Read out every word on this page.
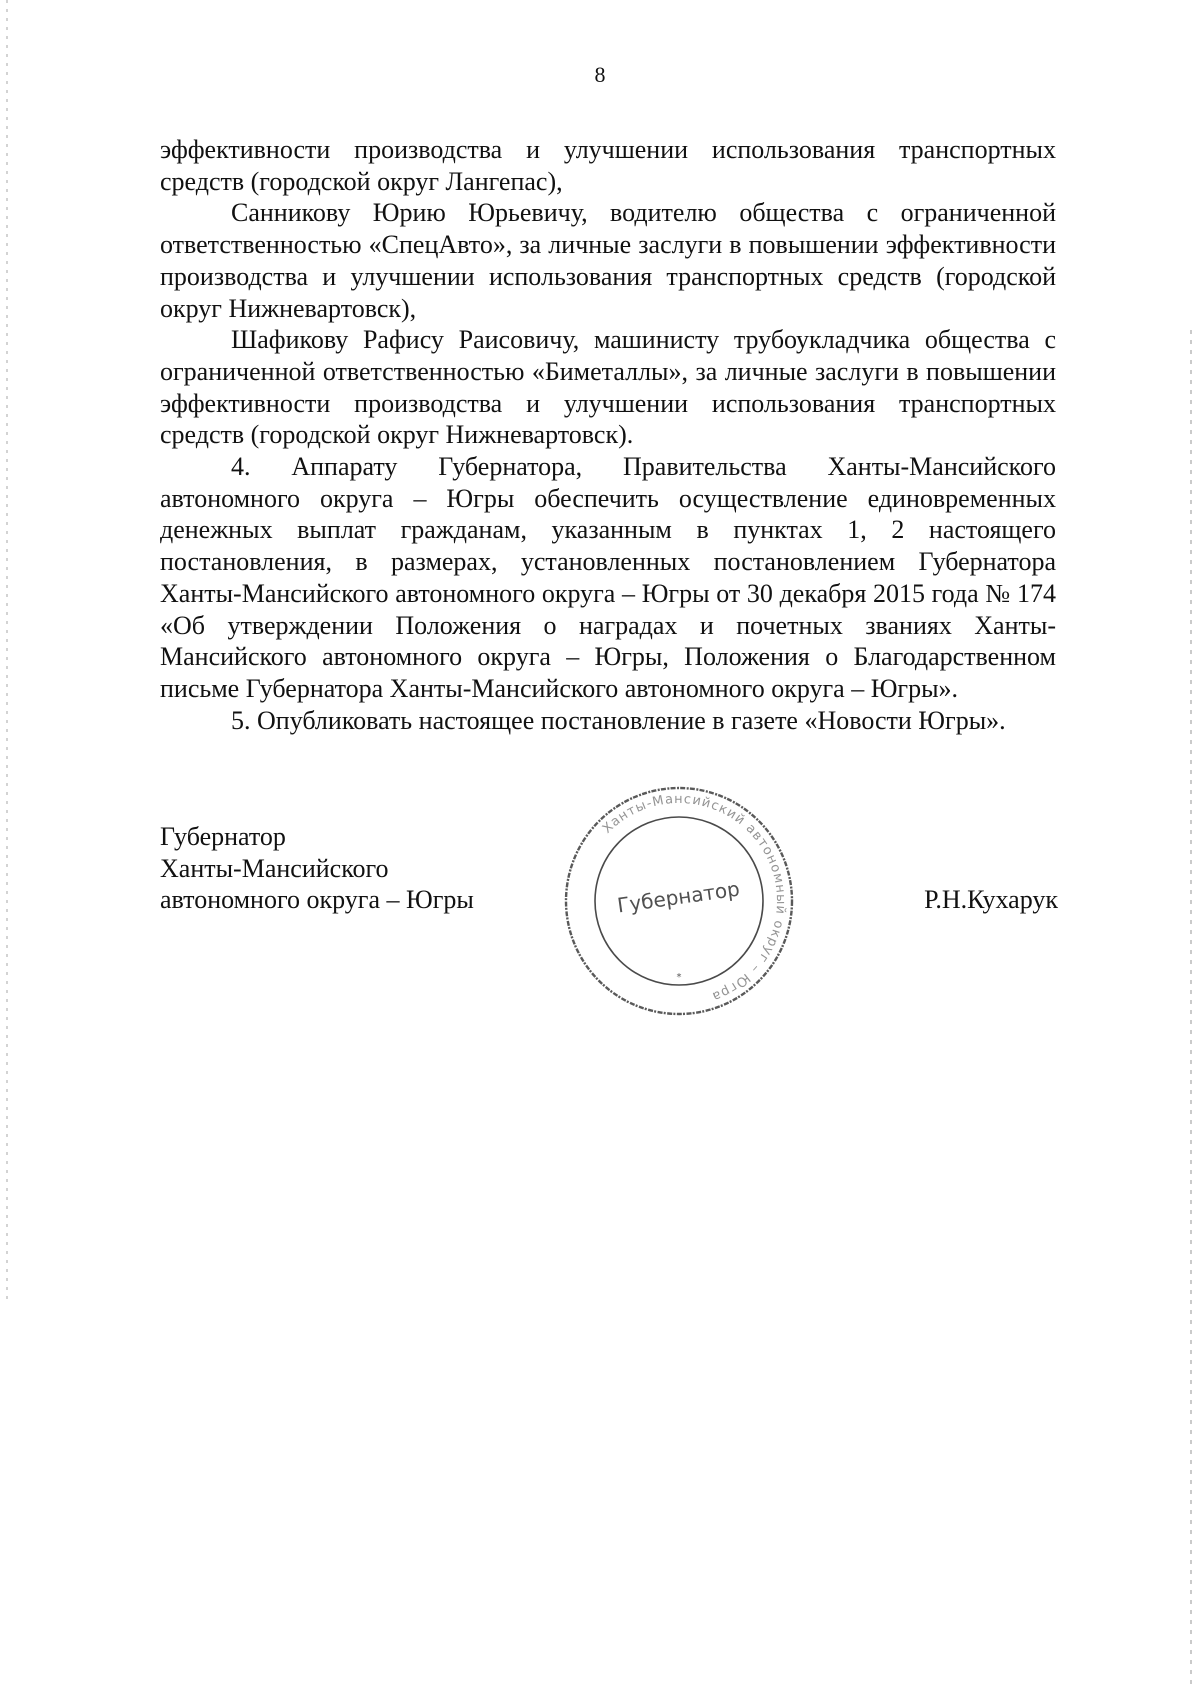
8

эффективности производства и улучшении использования транспортных средств (городской округ Лангепас),

Санникову Юрию Юрьевичу, водителю общества с ограниченной ответственностью «СпецАвто», за личные заслуги в повышении эффективности производства и улучшении использования транспортных средств (городской округ Нижневартовск),

Шафикову Рафису Раисовичу, машинисту трубоукладчика общества с ограниченной ответственностью «Биметаллы», за личные заслуги в повышении эффективности производства и улучшении использования транспортных средств (городской округ Нижневартовск).

4. Аппарату Губернатора, Правительства Ханты-Мансийского автономного округа – Югры обеспечить осуществление единовременных денежных выплат гражданам, указанным в пунктах 1, 2 настоящего постановления, в размерах, установленных постановлением Губернатора Ханты-Мансийского автономного округа – Югры от 30 декабря 2015 года № 174 «Об утверждении Положения о наградах и почетных званиях Ханты-Мансийского автономного округа – Югры, Положения о Благодарственном письме Губернатора Ханты-Мансийского автономного округа – Югры».

5. Опубликовать настоящее постановление в газете «Новости Югры».

Губернатор

Ханты-Мансийского

автономного округа – Югры	Р.Н.Кухарук
Ханты-Мансийский автономный округ – Югра
Губернатор
*
